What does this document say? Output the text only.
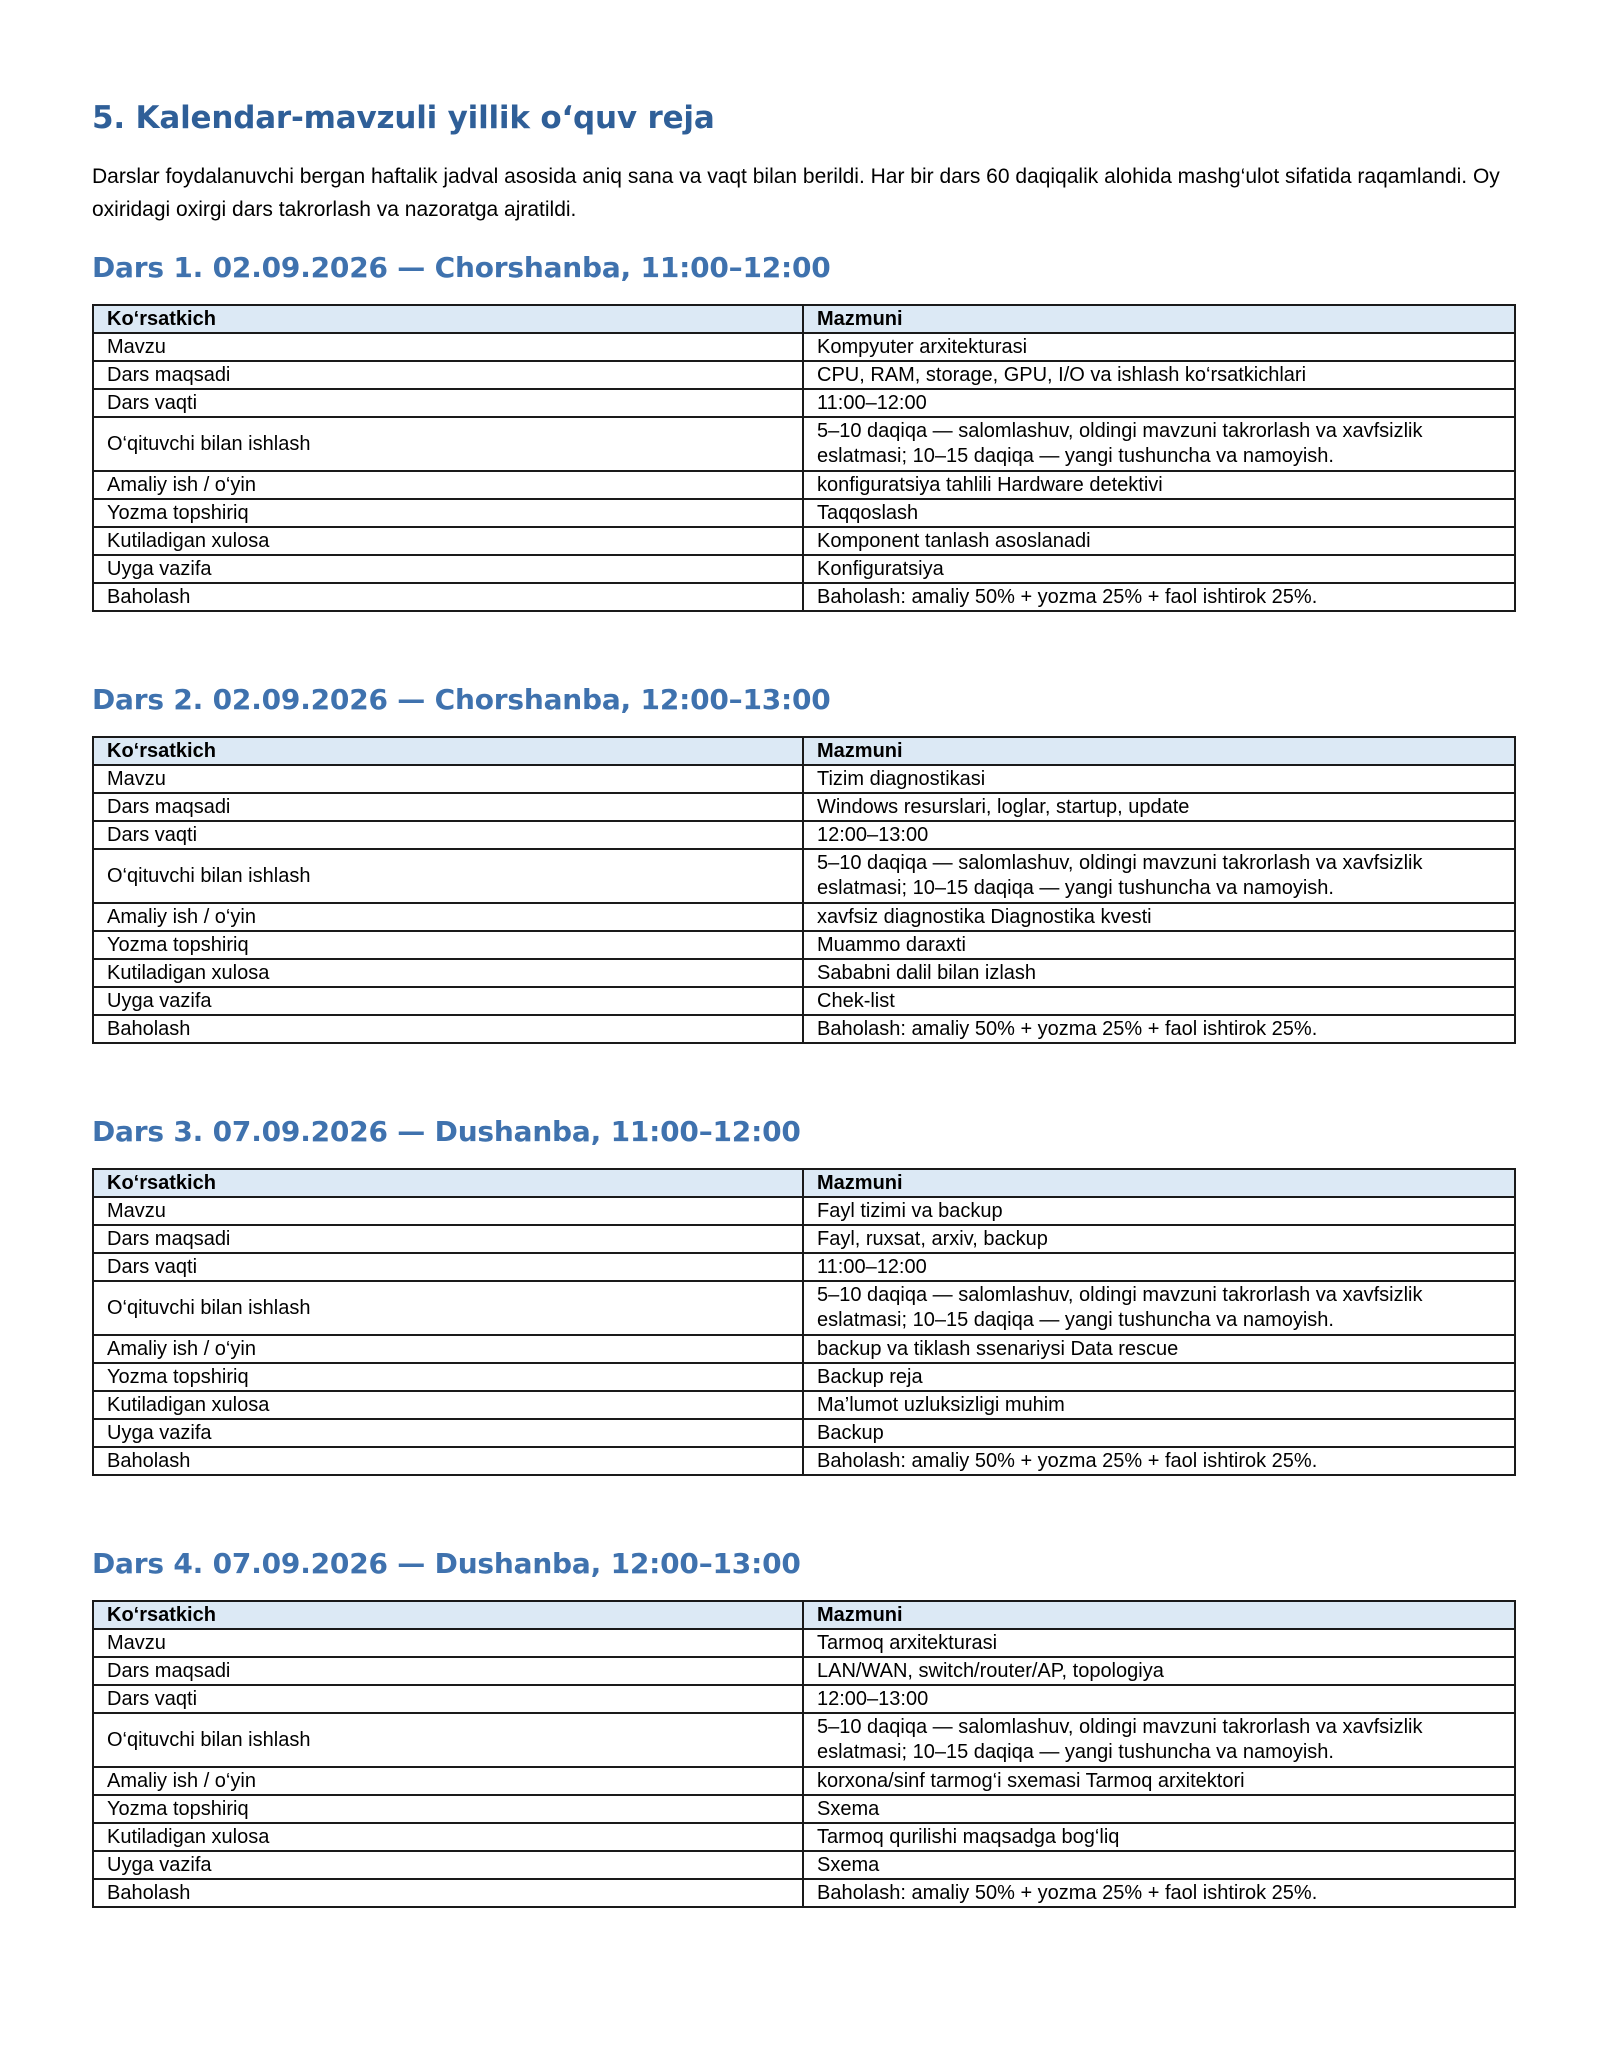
5. Kalendar-mavzuli yillik o‘quv reja

Darslar foydalanuvchi bergan haftalik jadval asosida aniq sana va vaqt bilan berildi. Har bir dars 60 daqiqalik alohida mashg‘ulot sifatida raqamlandi. Oy oxiridagi oxirgi dars takrorlash va nazoratga ajratildi.

Dars 1. 02.09.2026 — Chorshanba, 11:00–12:00
Ko‘rsatkich	Mazmuni
Mavzu	Kompyuter arxitekturasi
Dars maqsadi	CPU, RAM, storage, GPU, I/O va ishlash ko‘rsatkichlari
Dars vaqti	11:00–12:00
O‘qituvchi bilan ishlash	5–10 daqiqa — salomlashuv, oldingi mavzuni takrorlash va xavfsizlik
eslatmasi; 10–15 daqiqa — yangi tushuncha va namoyish.
Amaliy ish / o‘yin	konfiguratsiya tahlili Hardware detektivi
Yozma topshiriq	Taqqoslash
Kutiladigan xulosa	Komponent tanlash asoslanadi
Uyga vazifa	Konfiguratsiya
Baholash	Baholash: amaliy 50% + yozma 25% + faol ishtirok 25%.
Dars 2. 02.09.2026 — Chorshanba, 12:00–13:00
Ko‘rsatkich	Mazmuni
Mavzu	Tizim diagnostikasi
Dars maqsadi	Windows resurslari, loglar, startup, update
Dars vaqti	12:00–13:00
O‘qituvchi bilan ishlash	5–10 daqiqa — salomlashuv, oldingi mavzuni takrorlash va xavfsizlik
eslatmasi; 10–15 daqiqa — yangi tushuncha va namoyish.
Amaliy ish / o‘yin	xavfsiz diagnostika Diagnostika kvesti
Yozma topshiriq	Muammo daraxti
Kutiladigan xulosa	Sababni dalil bilan izlash
Uyga vazifa	Chek-list
Baholash	Baholash: amaliy 50% + yozma 25% + faol ishtirok 25%.
Dars 3. 07.09.2026 — Dushanba, 11:00–12:00
Ko‘rsatkich	Mazmuni
Mavzu	Fayl tizimi va backup
Dars maqsadi	Fayl, ruxsat, arxiv, backup
Dars vaqti	11:00–12:00
O‘qituvchi bilan ishlash	5–10 daqiqa — salomlashuv, oldingi mavzuni takrorlash va xavfsizlik
eslatmasi; 10–15 daqiqa — yangi tushuncha va namoyish.
Amaliy ish / o‘yin	backup va tiklash ssenariysi Data rescue
Yozma topshiriq	Backup reja
Kutiladigan xulosa	Ma’lumot uzluksizligi muhim
Uyga vazifa	Backup
Baholash	Baholash: amaliy 50% + yozma 25% + faol ishtirok 25%.
Dars 4. 07.09.2026 — Dushanba, 12:00–13:00
Ko‘rsatkich	Mazmuni
Mavzu	Tarmoq arxitekturasi
Dars maqsadi	LAN/WAN, switch/router/AP, topologiya
Dars vaqti	12:00–13:00
O‘qituvchi bilan ishlash	5–10 daqiqa — salomlashuv, oldingi mavzuni takrorlash va xavfsizlik
eslatmasi; 10–15 daqiqa — yangi tushuncha va namoyish.
Amaliy ish / o‘yin	korxona/sinf tarmog‘i sxemasi Tarmoq arxitektori
Yozma topshiriq	Sxema
Kutiladigan xulosa	Tarmoq qurilishi maqsadga bog‘liq
Uyga vazifa	Sxema
Baholash	Baholash: amaliy 50% + yozma 25% + faol ishtirok 25%.
